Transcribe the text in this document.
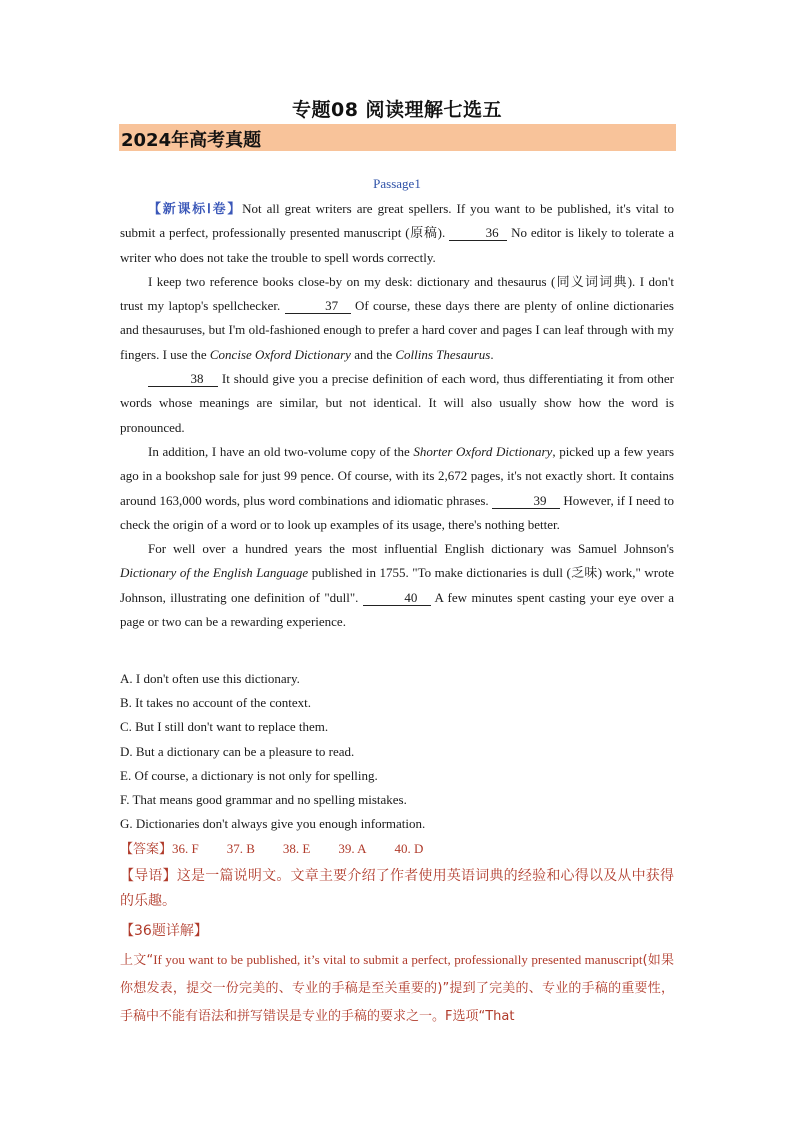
专题08 阅读理解七选五
2024年高考真题
Passage1

【新课标Ⅰ卷】Not all great writers are great spellers. If you want to be published, it's vital to submit a perfect, professionally presented manuscript (原稿).	36 No editor is likely to tolerate a writer who does not take the trouble to spell words correctly.

I keep two reference books close-by on my desk: dictionary and thesaurus (同义词词典). I don't trust my laptop's spellchecker.	37 Of course, these days there are plenty of online dictionaries and thesauruses, but I'm old-fashioned enough to prefer a hard cover and pages I can leaf through with my fingers. I use the Concise Oxford Dictionary and the Collins Thesaurus.

38 It should give you a precise definition of each word, thus differentiating it from other words whose meanings are similar, but not identical. It will also usually show how the word is pronounced.

In addition, I have an old two-volume copy of the Shorter Oxford Dictionary, picked up a few years ago in a bookshop sale for just 99 pence. Of course, with its 2,672 pages, it's not exactly short. It contains around 163,000 words, plus word combinations and idiomatic phrases.	39 However, if I need to check the origin of a word or to look up examples of its usage, there's nothing better.

For well over a hundred years the most influential English dictionary was Samuel Johnson's Dictionary of the English Language published in 1755. "To make dictionaries is dull (乏味) work," wrote Johnson, illustrating one definition of "dull".	40 A few minutes spent casting your eye over a page or two can be a rewarding experience.

A. I don't often use this dictionary.

B. It takes no account of the context.

C. But I still don't want to replace them.

D. But a dictionary can be a pleasure to read.

E. Of course, a dictionary is not only for spelling.

F. That means good grammar and no spelling mistakes.

G. Dictionaries don't always give you enough information.

【答案】36. F 37. B 38. E 39. A 40. D
【导语】这是一篇说明文。文章主要介绍了作者使用英语词典的经验和心得以及从中获得的乐趣。
【36题详解】
上文“If you want to be published, it’s vital to submit a perfect, professionally presented manuscript(如果你想发表，提交一份完美的、专业的手稿是至关重要的)”提到了完美的、专业的手稿的重要性，手稿中不能有语法和拼写错误是专业的手稿的要求之一。F选项“That
